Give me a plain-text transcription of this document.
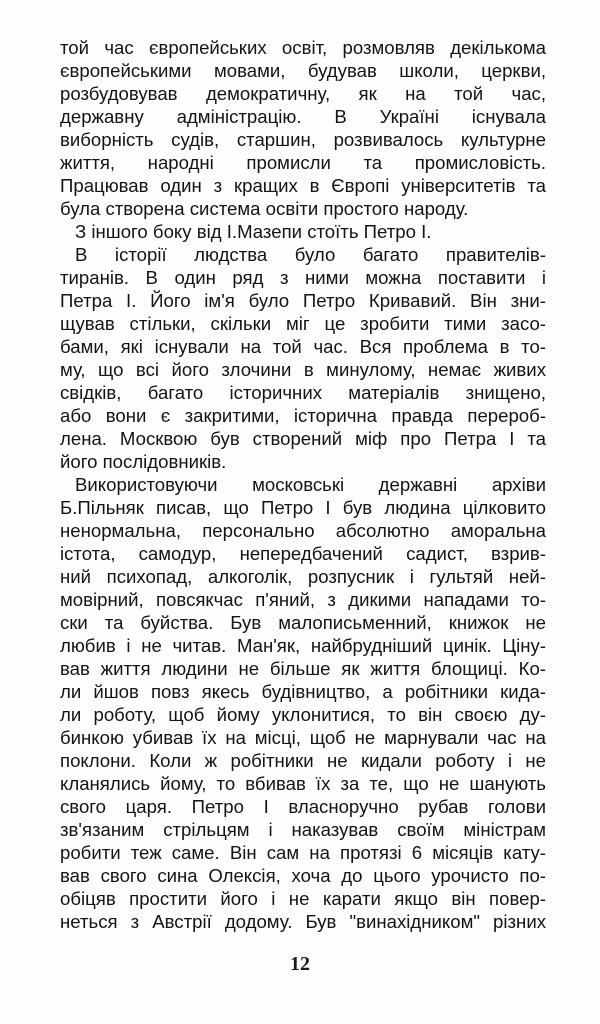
той час європейських освіт, розмовляв декількома
європейськими мовами, будував школи, церкви,
розбудовував демократичну, як на той час,
державну адміністрацію. В Україні існувала
виборність судів, старшин, розвивалось культурне
життя, народні промисли та промисловість.
Працював один з кращих в Європі університетів та
була створена система освіти простого народу.
З іншого боку від І.Мазепи стоїть Петро І.
В історії людства було багато правителів-
тиранів. В один ряд з ними можна поставити і
Петра І. Його ім'я було Петро Кривавий. Він зни-
щував стільки, скільки міг це зробити тими засо-
бами, які існували на той час. Вся проблема в то-
му, що всі його злочини в минулому, немає живих
свідків, багато історичних матеріалів знищено,
або вони є закритими, історична правда перероб-
лена. Москвою був створений міф про Петра І та
його послідовників.
Використовуючи московські державні архіви
Б.Пільняк писав, що Петро І був людина цілковито
ненормальна, персонально абсолютно аморальна
істота, самодур, непередбачений садист, взрив-
ний психопад, алкоголік, розпусник і гультяй ней-
мовірний, повсякчас п'яний, з дикими нападами то-
ски та буйства. Був малописьменний, книжок не
любив і не читав. Ман'як, найбрудніший цинік. Ціну-
вав життя людини не більше як життя блощиці. Ко-
ли йшов повз якесь будівництво, а робітники кида-
ли роботу, щоб йому уклонитися, то він своєю ду-
бинкою убивав їх на місці, щоб не марнували час на
поклони. Коли ж робітники не кидали роботу і не
кланялись йому, то вбивав їх за те, що не шанують
свого царя. Петро І власноручно рубав голови
зв'язаним стрільцям і наказував своїм міністрам
робити теж саме. Він сам на протязі 6 місяців кату-
вав свого сина Олексія, хоча до цього урочисто по-
обіцяв простити його і не карати якщо він повер-
неться з Австрії додому. Був "винахідником" різних
12
